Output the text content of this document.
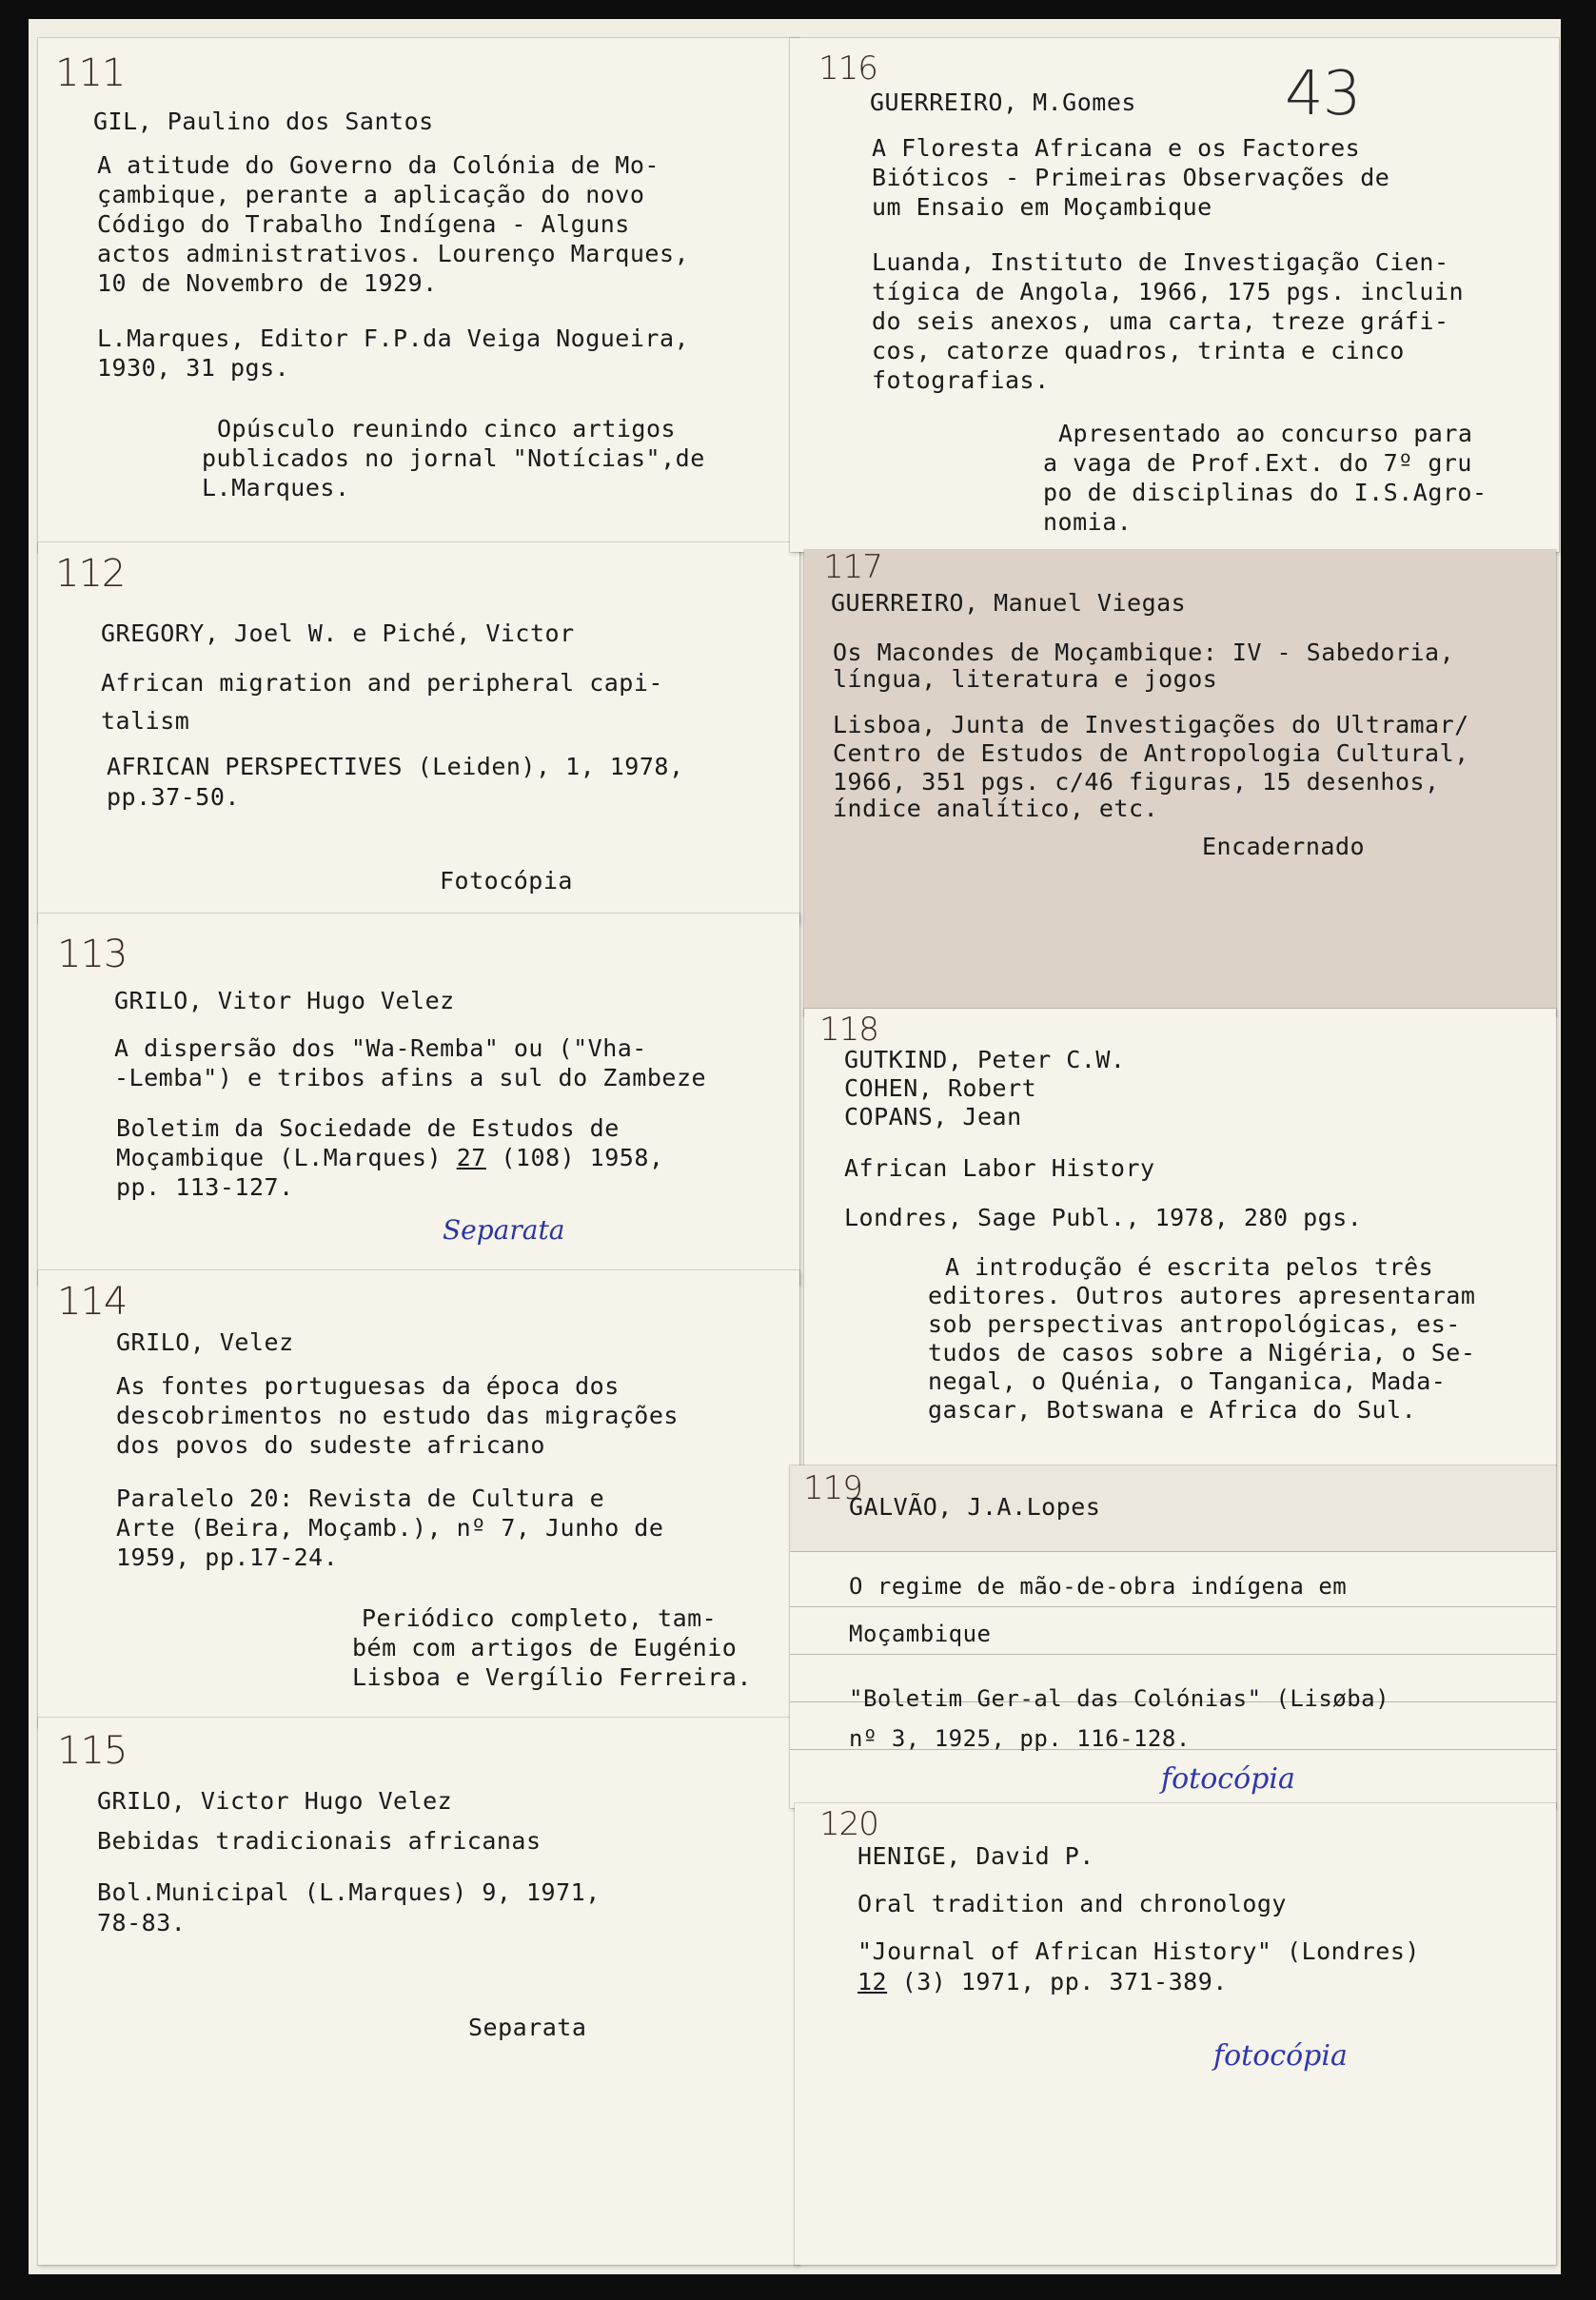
111
GIL, Paulino dos Santos
A atitude do Governo da Colónia de Mo-
çambique, perante a aplicação do novo
Código do Trabalho Indígena - Alguns
actos administrativos. Lourenço Marques,
10 de Novembro de 1929.
L.Marques, Editor F.P.da Veiga Nogueira,
1930, 31 pgs.
Opúsculo reunindo cinco artigos
publicados no jornal "Notícias",de
L.Marques.
112
GREGORY, Joel W. e Piché, Victor
African migration and peripheral capi-
talism
AFRICAN PERSPECTIVES (Leiden), 1, 1978,
pp.37-50.
Fotocópia
113
GRILO, Vitor Hugo Velez
A dispersão dos "Wa-Remba" ou ("Vha-
-Lemba") e tribos afins a sul do Zambeze
Boletim da Sociedade de Estudos de
Moçambique (L.Marques) 27 (108) 1958,
pp. 113-127.
Separata
114
GRILO, Velez
As fontes portuguesas da época dos
descobrimentos no estudo das migrações
dos povos do sudeste africano
Paralelo 20: Revista de Cultura e
Arte (Beira, Moçamb.), nº 7, Junho de
1959, pp.17-24.
Periódico completo, tam-
bém com artigos de Eugénio
Lisboa e Vergílio Ferreira.
115
GRILO, Victor Hugo Velez
Bebidas tradicionais africanas
Bol.Municipal (L.Marques) 9, 1971,
78-83.
Separata
116	43
GUERREIRO, M.Gomes
A Floresta Africana e os Factores
Bióticos - Primeiras Observações de
um Ensaio em Moçambique
Luanda, Instituto de Investigação Cien-
tígica de Angola, 1966, 175 pgs. incluin
do seis anexos, uma carta, treze gráfi-
cos, catorze quadros, trinta e cinco
fotografias.
Apresentado ao concurso para
a vaga de Prof.Ext. do 7º gru
po de disciplinas do I.S.Agro-
nomia.
117
GUERREIRO, Manuel Viegas
Os Macondes de Moçambique: IV - Sabedoria,
língua, literatura e jogos
Lisboa, Junta de Investigações do Ultramar/
Centro de Estudos de Antropologia Cultural,
1966, 351 pgs. c/46 figuras, 15 desenhos,
índice analítico, etc.
Encadernado
118
GUTKIND, Peter C.W.
COHEN, Robert
COPANS, Jean
African Labor History
Londres, Sage Publ., 1978, 280 pgs.
A introdução é escrita pelos três
editores. Outros autores apresentaram
sob perspectivas antropológicas, es-
tudos de casos sobre a Nigéria, o Se-
negal, o Quénia, o Tanganica, Mada-
gascar, Botswana e Africa do Sul.
119
GALVÃO, J.A.Lopes
O regime de mão-de-obra indígena em
Moçambique
"Boletim Ger-al das Colónias" (Lisøba)
nº 3, 1925, pp. 116-128.
fotocópia
120
HENIGE, David P.
Oral tradition and chronology
"Journal of African History" (Londres)
12 (3) 1971, pp. 371-389.
fotocópia
